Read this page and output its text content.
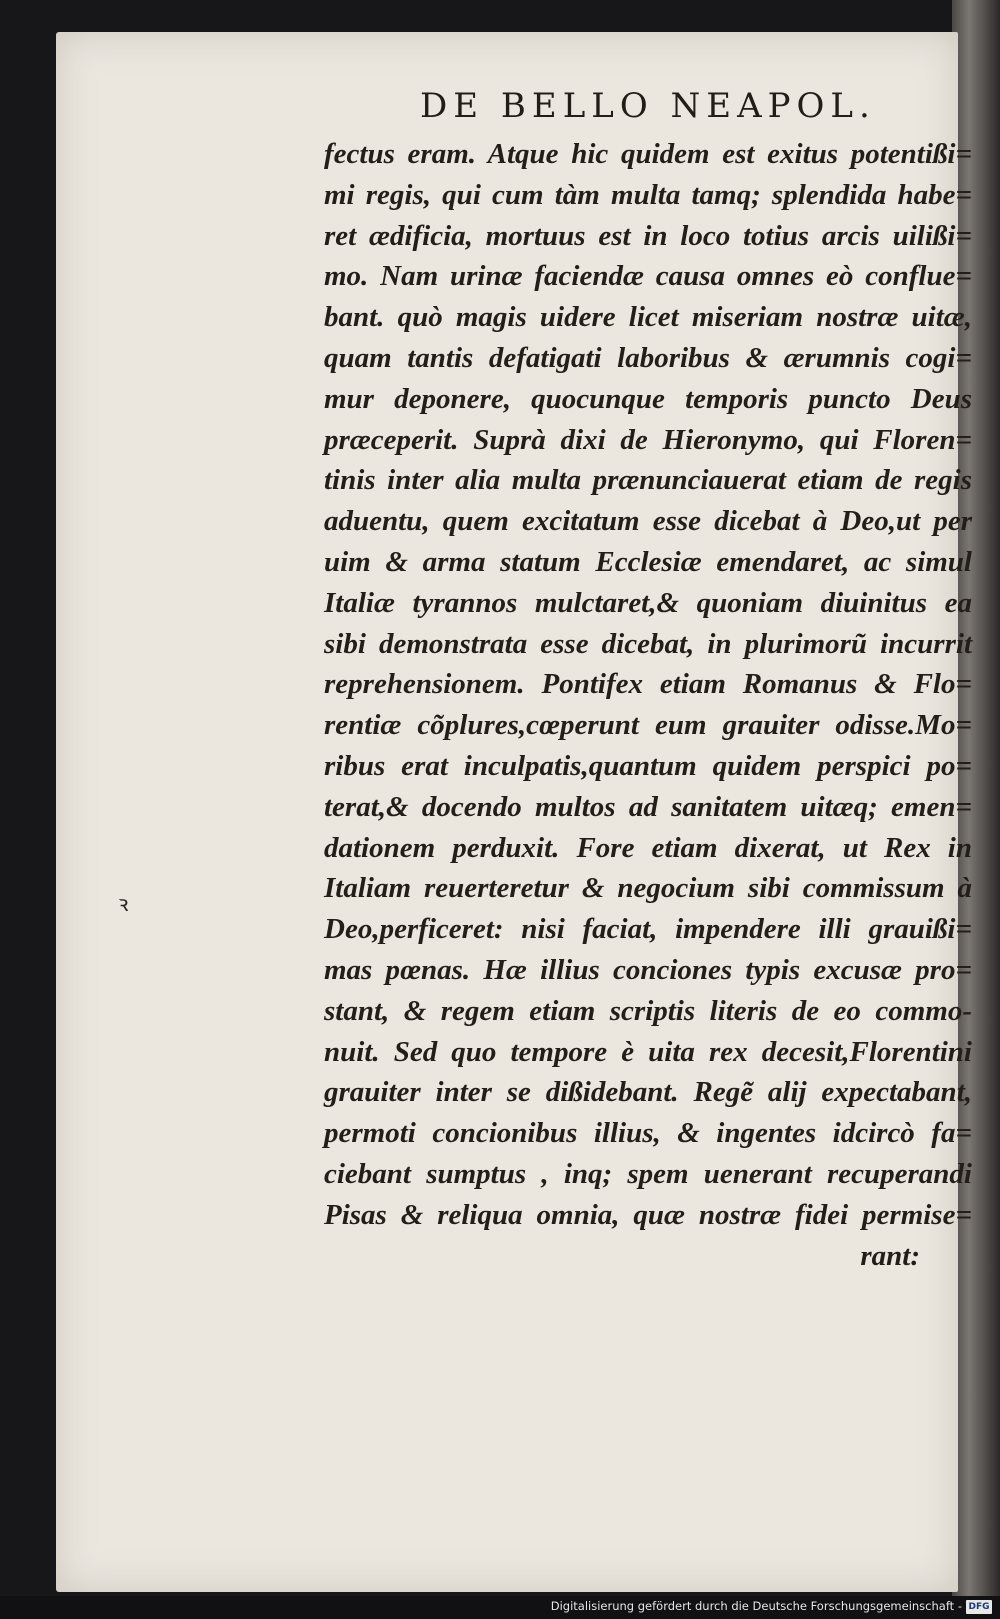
DE BELLO NEAPOL.
ꝛ
fectus eram. Atque hic quidem est exitus potentißi=
mi regis, qui cum tàm multa tamq; splendida habe=
ret ædificia, mortuus est in loco totius arcis uilißi=
mo. Nam urinæ faciendæ causa omnes eò conflue=
bant. quò magis uidere licet miseriam nostræ uitæ,
quam tantis defatigati laboribus & ærumnis cogi=
mur deponere, quocunque temporis puncto Deus
præceperit. Suprà dixi de Hieronymo, qui Floren=
tinis inter alia multa prænunciauerat etiam de regis
aduentu, quem excitatum esse dicebat à Deo,ut per
uim & arma statum Ecclesiæ emendaret, ac simul
Italiæ tyrannos mulctaret,& quoniam diuinitus ea
sibi demonstrata esse dicebat, in plurimorũ incurrit
reprehensionem. Pontifex etiam Romanus & Flo=
rentiæ cõplures,cœperunt eum grauiter odisse.Mo=
ribus erat inculpatis,quantum quidem perspici po=
terat,& docendo multos ad sanitatem uitæq; emen=
dationem perduxit. Fore etiam dixerat, ut Rex in
Italiam reuerteretur & negocium sibi commissum à
Deo,perficeret: nisi faciat, impendere illi grauißi=
mas pœnas. Hæ illius conciones typis excusæ pro=
stant, & regem etiam scriptis literis de eo commo-
nuit. Sed quo tempore è uita rex decesit,Florentini
grauiter inter se dißidebant. Regẽ alij expectabant,
permoti concionibus illius, & ingentes idcircò fa=
ciebant sumptus , inq; spem uenerant recuperandi
Pisas & reliqua omnia, quæ nostræ fidei permise=
rant:
Digitalisierung gefördert durch die Deutsche Forschungsgemeinschaft - DFG
